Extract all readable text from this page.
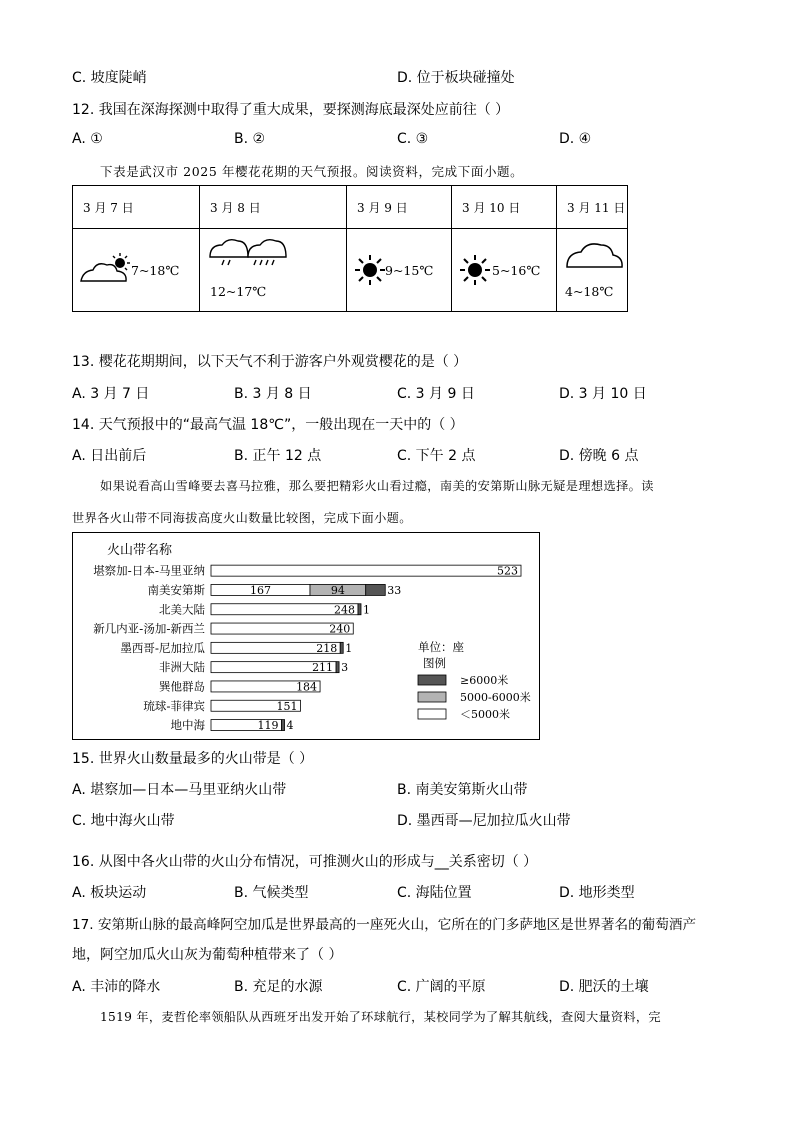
C. 坡度陡峭	D. 位于板块碰撞处
12. 我国在深海探测中取得了重大成果，要探测海底最深处应前往（ ）
A. ①	B. ②	C. ③	D. ④
下表是武汉市 2025 年樱花花期的天气预报。阅读资料，完成下面小题。
3 月 7 日	3 月 8 日	3 月 9 日	3 月 10 日	3 月 11 日

7~18℃	12~17℃	9~15℃	5~16℃	4~18℃
13. 樱花花期期间，以下天气不利于游客户外观赏樱花的是（ ）
A. 3 月 7 日	B. 3 月 8 日	C. 3 月 9 日	D. 3 月 10 日
14. 天气预报中的“最高气温 18℃”，一般出现在一天中的（ ）
A. 日出前后	B. 正午 12 点	C. 下午 2 点	D. 傍晚 6 点
如果说看高山雪峰要去喜马拉雅，那么要把精彩火山看过瘾，南美的安第斯山脉无疑是理想选择。读
世界各火山带不同海拔高度火山数量比较图，完成下面小题。
火山带名称
堪察加-日本-马里亚纳	523
南美安第斯	167	94	33
北美大陆	248 1
新几内亚-汤加-新西兰	240
墨西哥-尼加拉瓜	218 1
非洲大陆	211 3
巽他群岛	184
琉球-菲律宾	151
地中海	119 4
≥6000米
5000-6000米
＜5000米
单位：座
图例
15. 世界火山数量最多的火山带是（ ）
A. 堪察加—日本—马里亚纳火山带	B. 南美安第斯火山带
C. 地中海火山带	D. 墨西哥—尼加拉瓜火山带
16. 从图中各火山带的火山分布情况，可推测火山的形成与__关系密切（ ）
A. 板块运动	B. 气候类型	C. 海陆位置	D. 地形类型
17. 安第斯山脉的最高峰阿空加瓜是世界最高的一座死火山，它所在的门多萨地区是世界著名的葡萄酒产
地，阿空加瓜火山灰为葡萄种植带来了（ ）
A. 丰沛的降水	B. 充足的水源	C. 广阔的平原	D. 肥沃的土壤
1519 年，麦哲伦率领船队从西班牙出发开始了环球航行，某校同学为了解其航线，查阅大量资料，完
